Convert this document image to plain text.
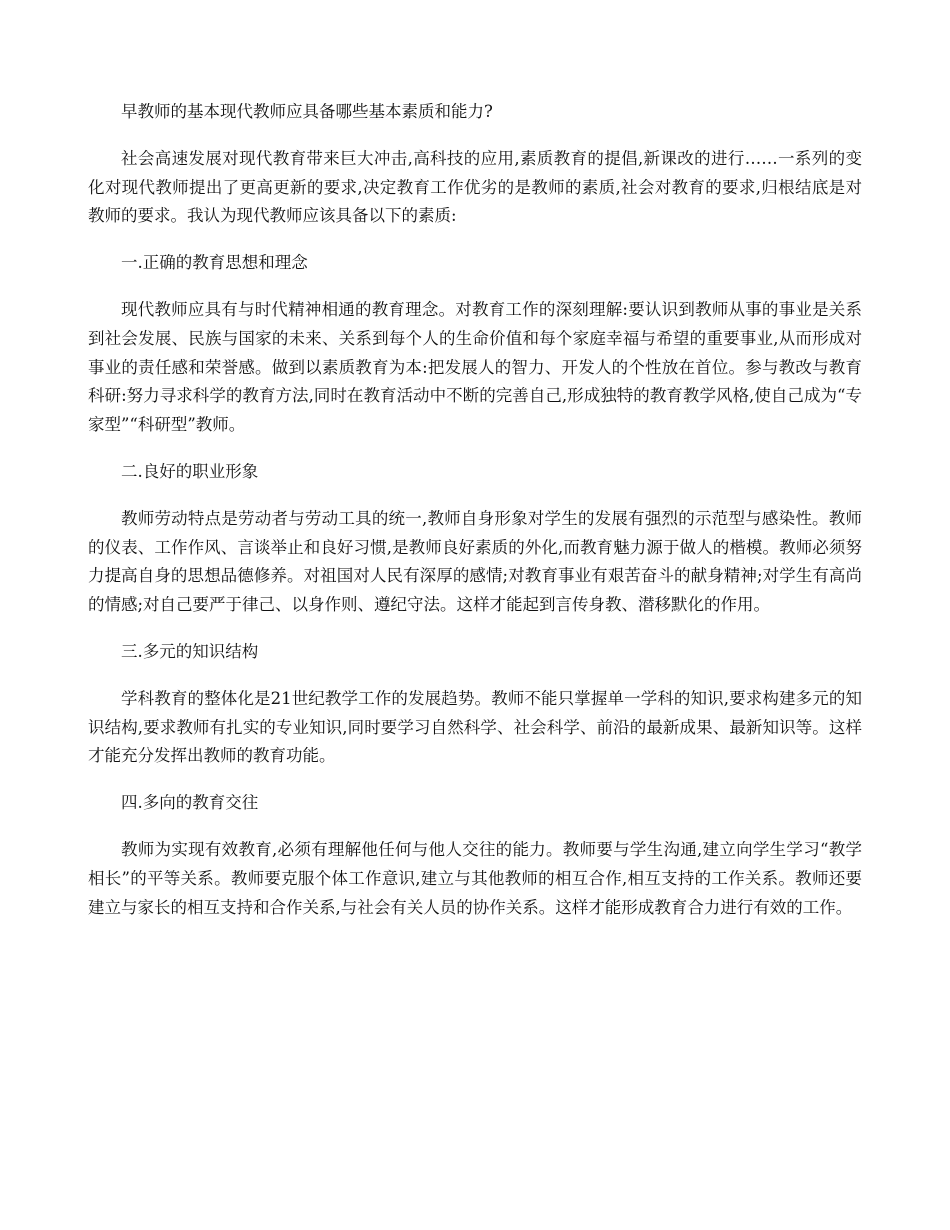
早教师的基本现代教师应具备哪些基本素质和能力?

社会高速发展对现代教育带来巨大冲击,高科技的应用,素质教育的提倡,新课改的进行……一系列的变化对现代教师提出了更高更新的要求,决定教育工作优劣的是教师的素质,社会对教育的要求,归根结底是对教师的要求。我认为现代教师应该具备以下的素质:

一.正确的教育思想和理念

现代教师应具有与时代精神相通的教育理念。对教育工作的深刻理解:要认识到教师从事的事业是关系到社会发展、民族与国家的未来、关系到每个人的生命价值和每个家庭幸福与希望的重要事业,从而形成对事业的责任感和荣誉感。做到以素质教育为本:把发展人的智力、开发人的个性放在首位。参与教改与教育科研:努力寻求科学的教育方法,同时在教育活动中不断的完善自己,形成独特的教育教学风格,使自己成为“专家型”“科研型”教师。

二.良好的职业形象

教师劳动特点是劳动者与劳动工具的统一,教师自身形象对学生的发展有强烈的示范型与感染性。教师的仪表、工作作风、言谈举止和良好习惯,是教师良好素质的外化,而教育魅力源于做人的楷模。教师必须努力提高自身的思想品德修养。对祖国对人民有深厚的感情;对教育事业有艰苦奋斗的献身精神;对学生有高尚的情感;对自己要严于律己、以身作则、遵纪守法。这样才能起到言传身教、潜移默化的作用。

三.多元的知识结构

学科教育的整体化是21世纪教学工作的发展趋势。教师不能只掌握单一学科的知识,要求构建多元的知识结构,要求教师有扎实的专业知识,同时要学习自然科学、社会科学、前沿的最新成果、最新知识等。这样才能充分发挥出教师的教育功能。

四.多向的教育交往

教师为实现有效教育,必须有理解他任何与他人交往的能力。教师要与学生沟通,建立向学生学习“教学相长”的平等关系。教师要克服个体工作意识,建立与其他教师的相互合作,相互支持的工作关系。教师还要建立与家长的相互支持和合作关系,与社会有关人员的协作关系。这样才能形成教育合力进行有效的工作。
